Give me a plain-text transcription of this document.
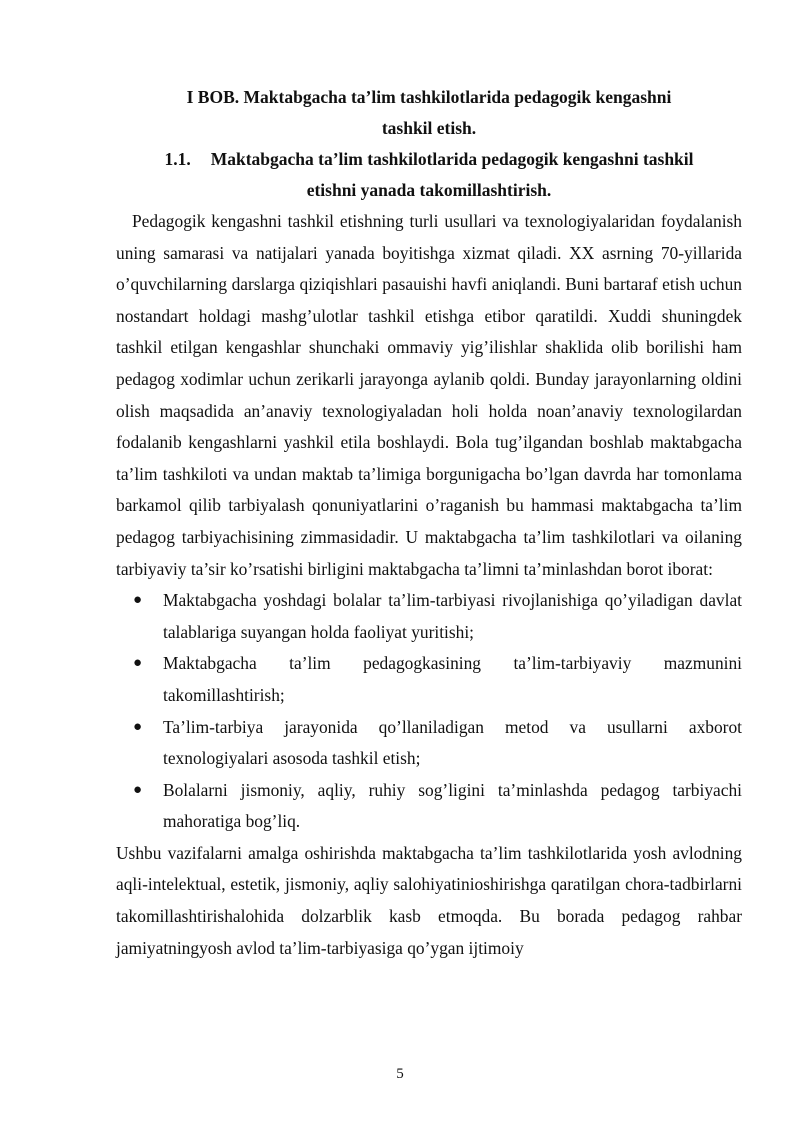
I BOB. Maktabgacha ta’lim tashkilotlarida pedagogik kengashni

tashkil etish.

1.1. Maktabgacha ta’lim tashkilotlarida pedagogik kengashni tashkil

etishni yanada takomillashtirish.

Pedagogik kengashni tashkil etishning turli usullari va texnologiyalaridan foydalanish uning samarasi va natijalari yanada boyitishga xizmat qiladi. XX asrning 70-yillarida o’quvchilarning darslarga qiziqishlari pasauishi havfi aniqlandi. Buni bartaraf etish uchun nostandart holdagi mashg’ulotlar tashkil etishga etibor qaratildi. Xuddi shuningdek tashkil etilgan kengashlar shunchaki ommaviy yig’ilishlar shaklida olib borilishi ham pedagog xodimlar uchun zerikarli jarayonga aylanib qoldi. Bunday jarayonlarning oldini olish maqsadida an’anaviy texnologiyaladan holi holda noan’anaviy texnologilardan fodalanib kengashlarni yashkil etila boshlaydi. Bola tug’ilgandan boshlab maktabgacha ta’lim tashkiloti va undan maktab ta’limiga borgunigacha bo’lgan davrda har tomonlama barkamol qilib tarbiyalash qonuniyatlarini o’raganish bu hammasi maktabgacha ta’lim pedagog tarbiyachisining zimmasidadir. U maktabgacha ta’lim tashkilotlari va oilaning tarbiyaviy ta’sir ko’rsatishi birligini maktabgacha ta’limni ta’minlashdan borot iborat:

● Maktabgacha yoshdagi bolalar ta’lim-tarbiyasi rivojlanishiga qo’yiladigan davlat talablariga suyangan holda faoliyat yuritishi;
● Maktabgacha ta’lim pedagogkasining ta’lim-tarbiyaviy mazmunini takomillashtirish;
● Ta’lim-tarbiya jarayonida qo’llaniladigan metod va usullarni axborot texnologiyalari asosoda tashkil etish;
● Bolalarni jismoniy, aqliy, ruhiy sog’ligini ta’minlashda pedagog tarbiyachi mahoratiga bog’liq.

Ushbu vazifalarni amalga oshirishda maktabgacha ta’lim tashkilotlarida yosh avlodning aqli-intelektual, estetik, jismoniy, aqliy salohiyatinioshirishga qaratilgan chora-tadbirlarni takomillashtirishalohida dolzarblik kasb etmoqda. Bu borada pedagog rahbar jamiyatningyosh avlod ta’lim-tarbiyasiga qo’ygan ijtimoiy

5
